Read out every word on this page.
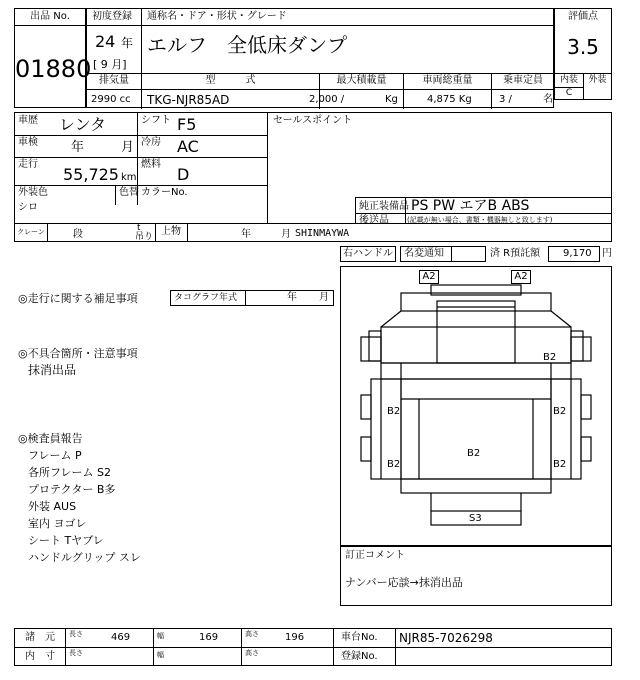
出品 No.
01880
初度登録 通称名・ドア・形状・グレード
24 年
[ 9 月]
エルフ　全低床ダンプ
排気量	型　　　式	最大積載量	車両総重量	乗車定員
2990 cc TKG-NJR85AD	2,000 /	Kg	4,875 Kg	3 /	名
評価点
3.5
内装	外装
C
車歴 レンタ	シフト F5
車検	年	月 冷房 AC
走行
55,725 km
燃料
D
外装色
シロ
色替 カラーNo.
セールスポイント
純正装備品 PS PW エアB ABS
後送品	(記載が無い場合、書類・機器無しと致します)
クレーン	段
t
吊り 上物	年	月 SHINMAYWA
右ハンドル 名変通知	済 R預託額 9,170 円
◎走行に関する補足事項	タコグラフ年式	年 月
◎不具合箇所・注意事項
抹消出品
◎検査員報告
フレーム P
各所フレーム S2
プロテクター B多
外装 AUS
室内 ヨゴレ
シート Tヤブレ
ハンドルグリップ スレ
A2	A2
B2
B2	B2
B2
B2	B2
S3
訂正コメント
ナンバー応談→抹消出品
諸　元 長さ	469	幅	169	高さ	196	車台No. NJR85-7026298
内　寸 長さ	幅	高さ	登録No.
